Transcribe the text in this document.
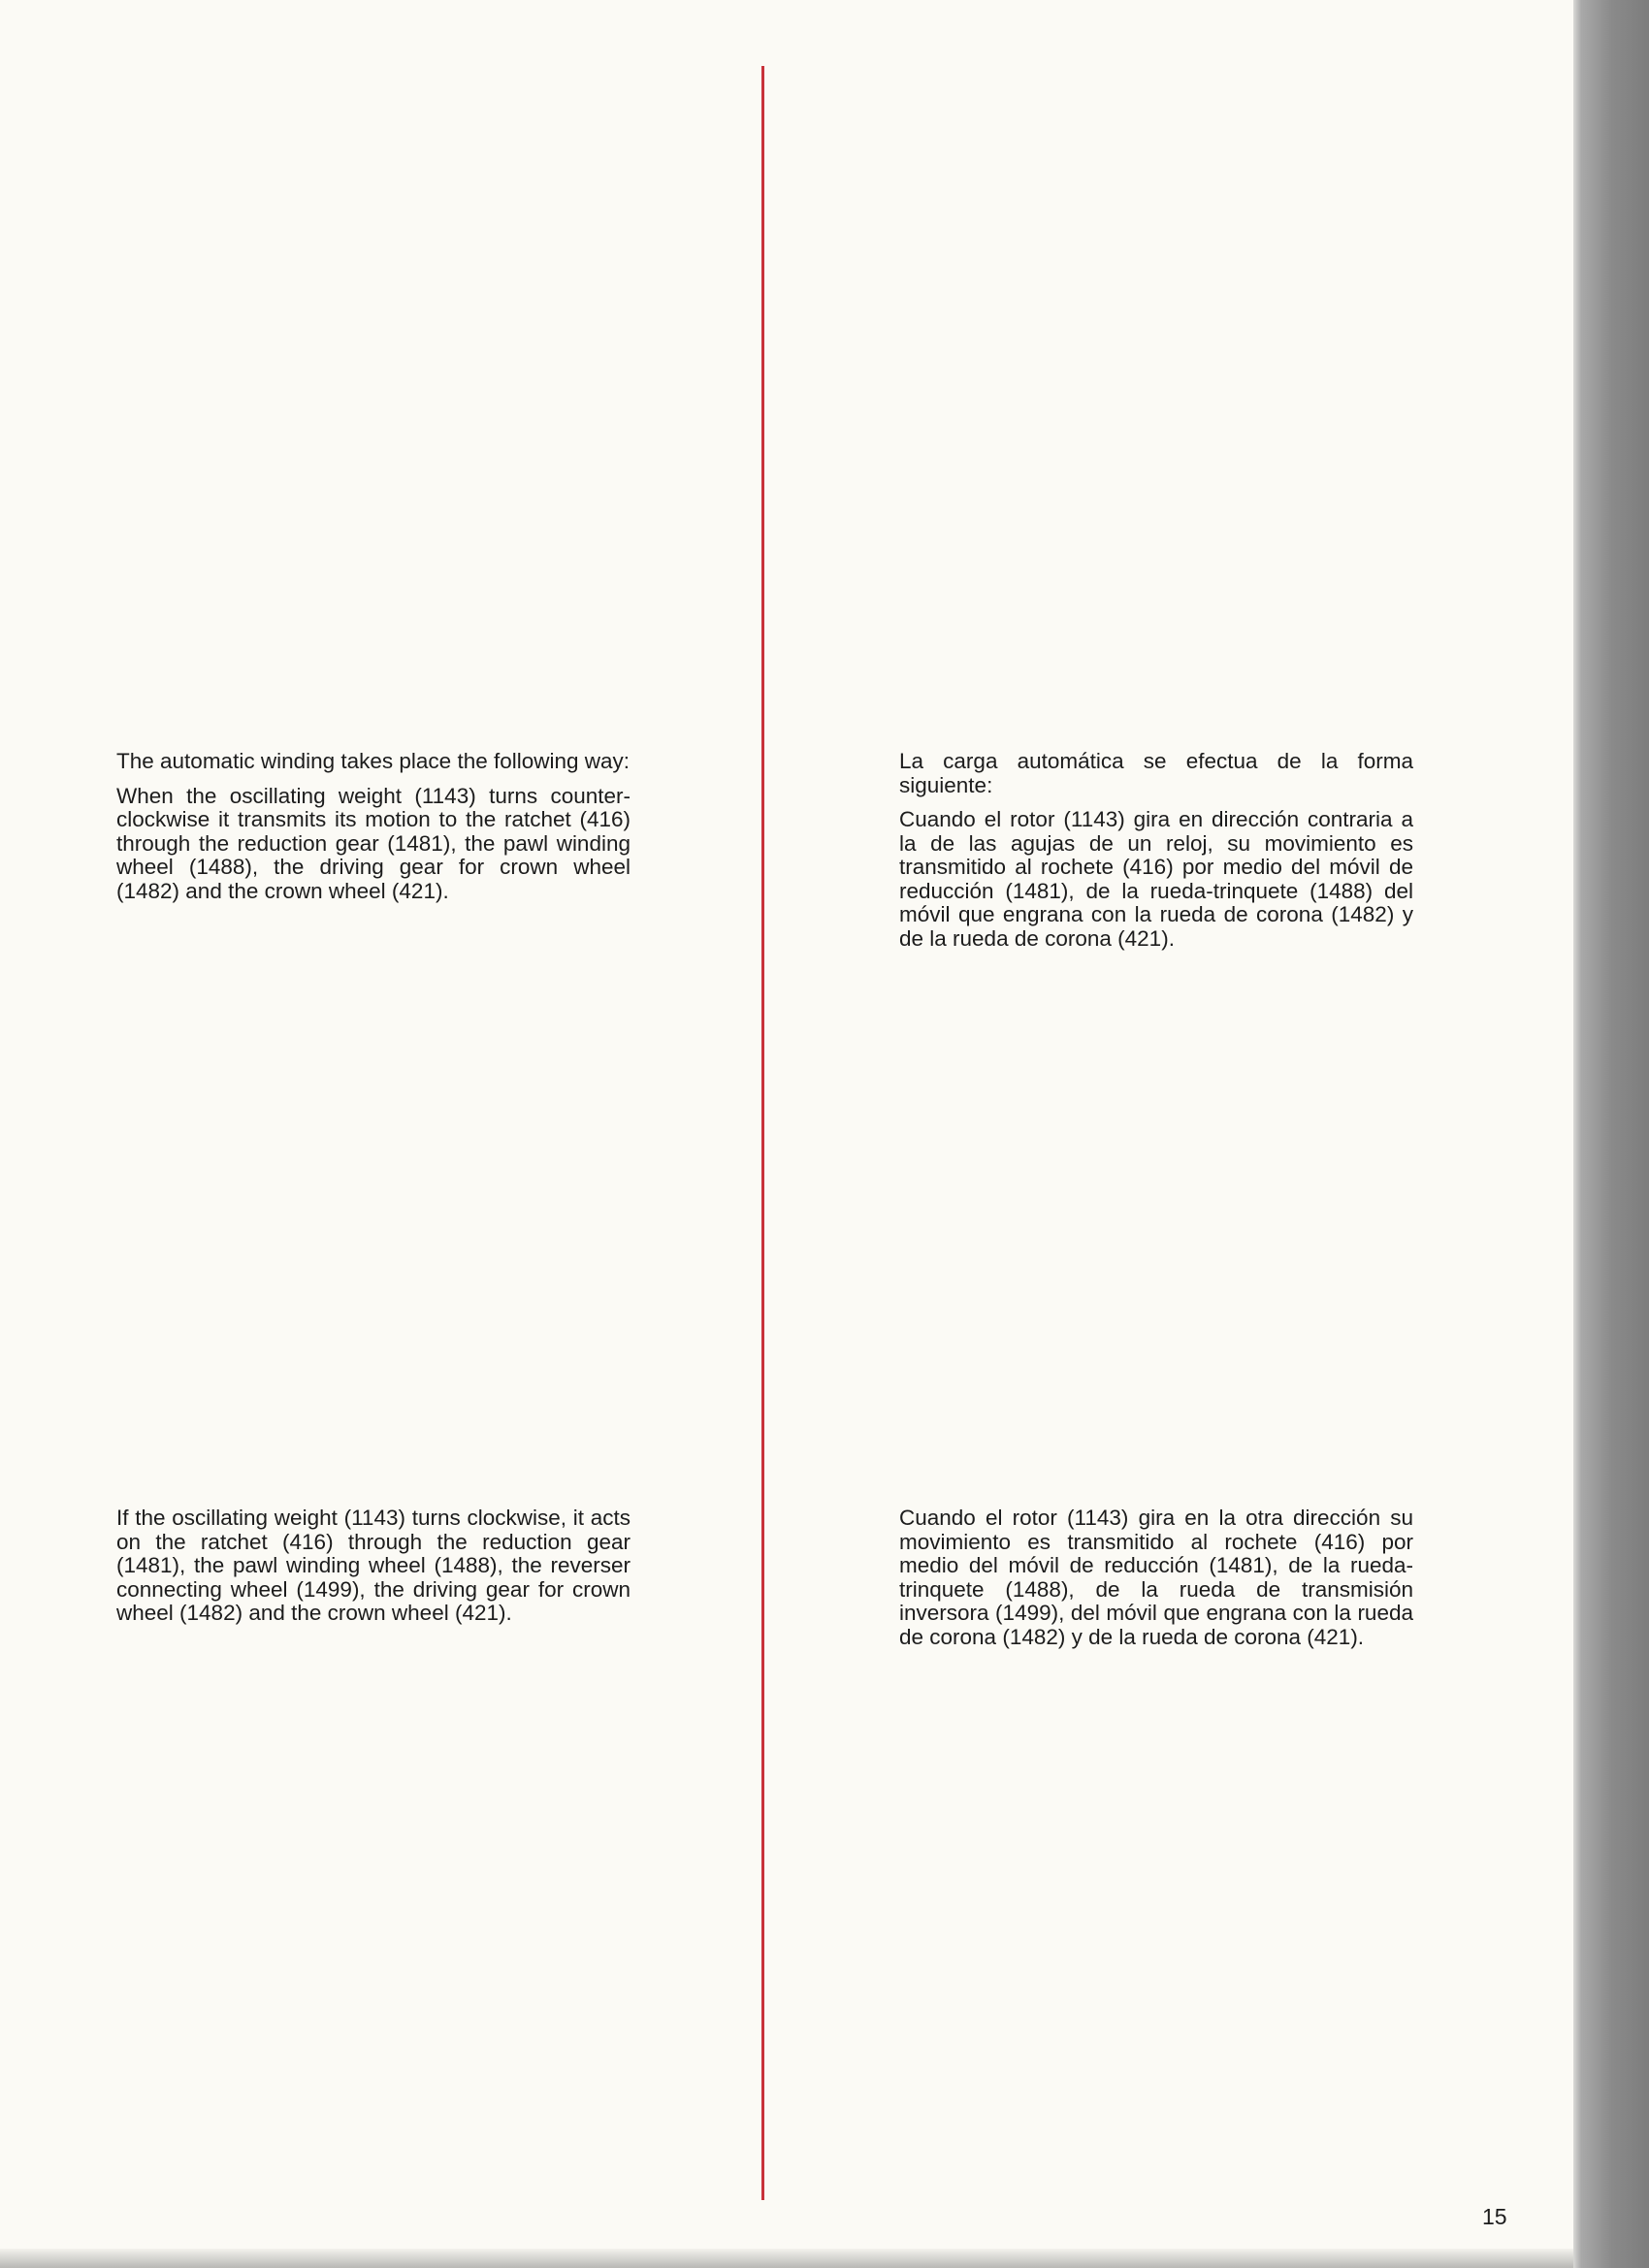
The automatic winding takes place the following way:

When the oscillating weight (1143) turns counter-clockwise it transmits its motion to the ratchet (416) through the reduction gear (1481), the pawl winding wheel (1488), the driving gear for crown wheel (1482) and the crown wheel (421).

La carga automática se efectua de la forma siguiente:

Cuando el rotor (1143) gira en dirección contraria a la de las agujas de un reloj, su movimiento es transmitido al rochete (416) por medio del móvil de reducción (1481), de la rueda-trinquete (1488) del móvil que engrana con la rueda de corona (1482) y de la rueda de corona (421).

If the oscillating weight (1143) turns clockwise, it acts on the ratchet (416) through the reduction gear (1481), the pawl winding wheel (1488), the reverser connecting wheel (1499), the driving gear for crown wheel (1482) and the crown wheel (421).

Cuando el rotor (1143) gira en la otra dirección su movimiento es transmitido al rochete (416) por medio del móvil de reducción (1481), de la rueda-trinquete (1488), de la rueda de transmisión inversora (1499), del móvil que engrana con la rueda de corona (1482) y de la rueda de corona (421).

15
